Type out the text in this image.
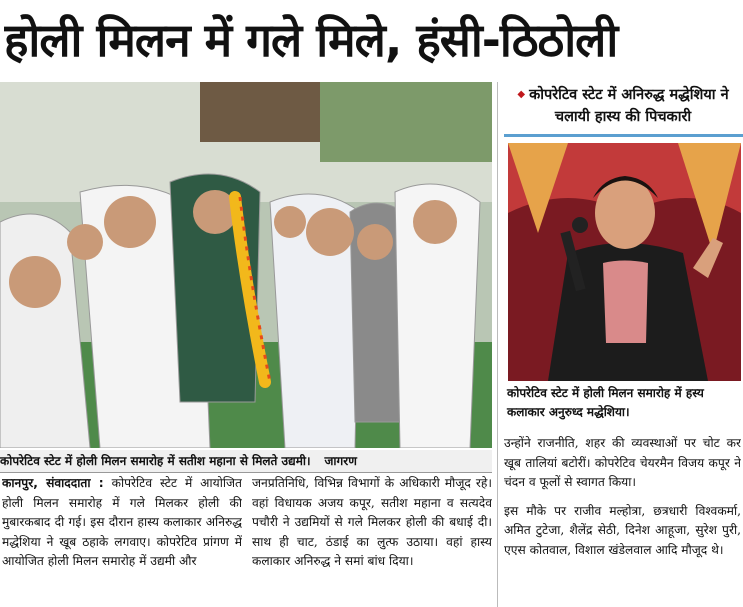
होली मिलन में गले मिले, हंसी-ठिठोली
◆ कोपरेटिव स्टेट में अनिरुद्ध मद्धेशिया ने चलायी हास्य की पिचकारी
कोपरेटिव स्टेट में होली मिलन समारोह में हस्य कलाकार अनुरुध्द मद्धेशिया।
कोपरेटिव स्टेट में होली मिलन समारोह में सतीश महाना से मिलते उद्यमी। जागरण
कानपुर, संवाददाता : कोपरेटिव स्टेट में आयोजित होली मिलन समारोह में गले मिलकर होली की मुबारकबाद दी गई। इस दौरान हास्य कलाकार अनिरुद्ध मद्धेशिया ने खूब ठहाके लगवाए। कोपरेटिव प्रांगण में आयोजित होली मिलन समारोह में उद्यमी और
जनप्रतिनिधि, विभिन्न विभागों के अधिकारी मौजूद रहे। वहां विधायक अजय कपूर, सतीश महाना व सत्यदेव पचौरी ने उद्यमियों से गले मिलकर होली की बधाई दी। साथ ही चाट, ठंडाई का लुत्फ उठाया। वहां हास्य कलाकार अनिरुद्ध ने समां बांध दिया।

उन्होंने राजनीति, शहर की व्यवस्थाओं पर चोट कर खूब तालियां बटोरीं। कोपरेटिव चेयरमैन विजय कपूर ने चंदन व फूलों से स्वागत किया।

इस मौके पर राजीव मल्होत्रा, छत्रधारी विश्वकर्मा, अमित टुटेजा, शैलेंद्र सेठी, दिनेश आहूजा, सुरेश पुरी, एएस कोतवाल, विशाल खंडेलवाल आदि मौजूद थे।
